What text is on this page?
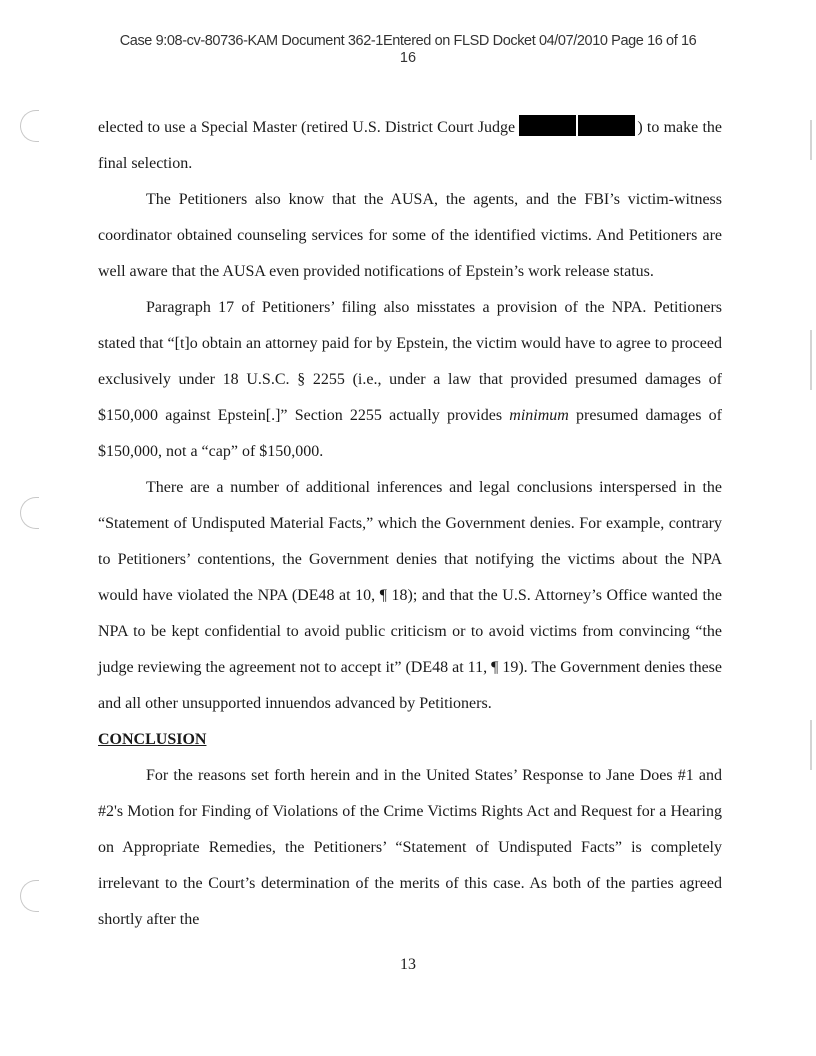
Case 9:08-cv-80736-KAM Document 362-1Entered on FLSD Docket 04/07/2010 Page 16 of 16
16

elected to use a Special Master (retired U.S. District Court Judge	) to make the final selection.

The Petitioners also know that the AUSA, the agents, and the FBI’s victim-witness coordinator obtained counseling services for some of the identified victims. And Petitioners are well aware that the AUSA even provided notifications of Epstein’s work release status.

Paragraph 17 of Petitioners’ filing also misstates a provision of the NPA. Petitioners stated that “[t]o obtain an attorney paid for by Epstein, the victim would have to agree to proceed exclusively under 18 U.S.C. § 2255 (i.e., under a law that provided presumed damages of $150,000 against Epstein[.]” Section 2255 actually provides minimum presumed damages of $150,000, not a “cap” of $150,000.

There are a number of additional inferences and legal conclusions interspersed in the “Statement of Undisputed Material Facts,” which the Government denies. For example, contrary to Petitioners’ contentions, the Government denies that notifying the victims about the NPA would have violated the NPA (DE48 at 10, ¶ 18); and that the U.S. Attorney’s Office wanted the NPA to be kept confidential to avoid public criticism or to avoid victims from convincing “the judge reviewing the agreement not to accept it” (DE48 at 11, ¶ 19). The Government denies these and all other unsupported innuendos advanced by Petitioners.

CONCLUSION

For the reasons set forth herein and in the United States’ Response to Jane Does #1 and #2's Motion for Finding of Violations of the Crime Victims Rights Act and Request for a Hearing on Appropriate Remedies, the Petitioners’ “Statement of Undisputed Facts” is completely irrelevant to the Court’s determination of the merits of this case. As both of the parties agreed shortly after the

13
